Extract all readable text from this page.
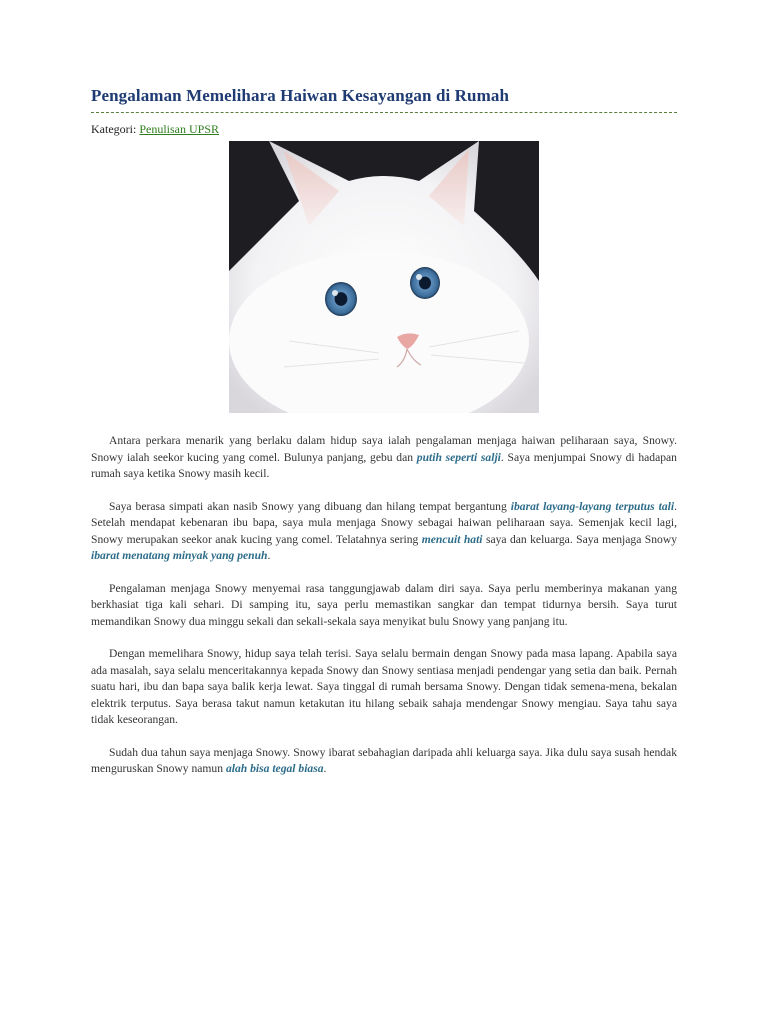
Pengalaman Memelihara Haiwan Kesayangan di Rumah
Kategori: Penulisan UPSR

Antara perkara menarik yang berlaku dalam hidup saya ialah pengalaman menjaga haiwan peliharaan saya, Snowy. Snowy ialah seekor kucing yang comel. Bulunya panjang, gebu dan putih seperti salji. Saya menjumpai Snowy di hadapan rumah saya ketika Snowy masih kecil.

Saya berasa simpati akan nasib Snowy yang dibuang dan hilang tempat bergantung ibarat layang-layang terputus tali. Setelah mendapat kebenaran ibu bapa, saya mula menjaga Snowy sebagai haiwan peliharaan saya. Semenjak kecil lagi, Snowy merupakan seekor anak kucing yang comel. Telatahnya sering mencuit hati saya dan keluarga. Saya menjaga Snowy ibarat menatang minyak yang penuh.

Pengalaman menjaga Snowy menyemai rasa tanggungjawab dalam diri saya. Saya perlu memberinya makanan yang berkhasiat tiga kali sehari. Di samping itu, saya perlu memastikan sangkar dan tempat tidurnya bersih. Saya turut memandikan Snowy dua minggu sekali dan sekali-sekala saya menyikat bulu Snowy yang panjang itu.

Dengan memelihara Snowy, hidup saya telah terisi. Saya selalu bermain dengan Snowy pada masa lapang. Apabila saya ada masalah, saya selalu menceritakannya kepada Snowy dan Snowy sentiasa menjadi pendengar yang setia dan baik. Pernah suatu hari, ibu dan bapa saya balik kerja lewat. Saya tinggal di rumah bersama Snowy. Dengan tidak semena-mena, bekalan elektrik terputus. Saya berasa takut namun ketakutan itu hilang sebaik sahaja mendengar Snowy mengiau. Saya tahu saya tidak keseorangan.

Sudah dua tahun saya menjaga Snowy. Snowy ibarat sebahagian daripada ahli keluarga saya. Jika dulu saya susah hendak menguruskan Snowy namun alah bisa tegal biasa.
